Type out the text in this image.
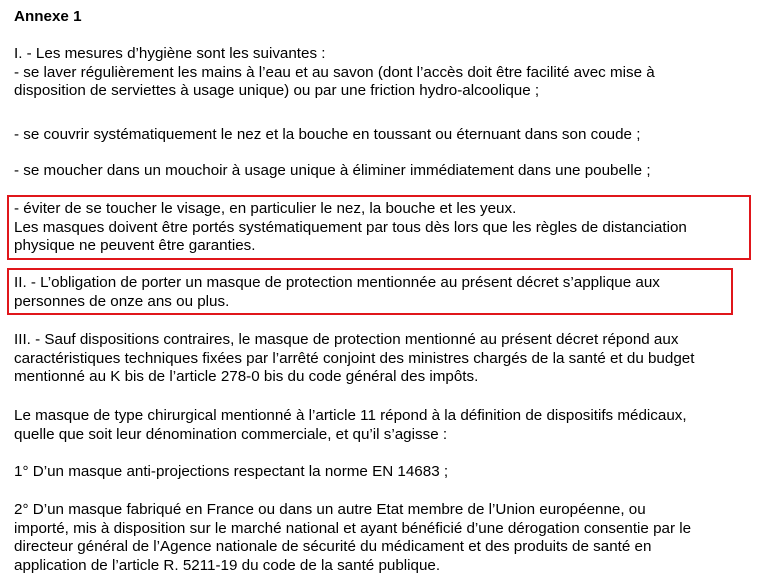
Annexe 1
I. - Les mesures d’hygiène sont les suivantes :
- se laver régulièrement les mains à l’eau et au savon (dont l’accès doit être facilité avec mise à
disposition de serviettes à usage unique) ou par une friction hydro-alcoolique ;
- se couvrir systématiquement le nez et la bouche en toussant ou éternuant dans son coude ;
- se moucher dans un mouchoir à usage unique à éliminer immédiatement dans une poubelle ;
- éviter de se toucher le visage, en particulier le nez, la bouche et les yeux.
Les masques doivent être portés systématiquement par tous dès lors que les règles de distanciation
physique ne peuvent être garanties.
II. - L’obligation de porter un masque de protection mentionnée au présent décret s’applique aux
personnes de onze ans ou plus.
III. - Sauf dispositions contraires, le masque de protection mentionné au présent décret répond aux
caractéristiques techniques fixées par l’arrêté conjoint des ministres chargés de la santé et du budget
mentionné au K bis de l’article 278-0 bis du code général des impôts.
Le masque de type chirurgical mentionné à l’article 11 répond à la définition de dispositifs médicaux,
quelle que soit leur dénomination commerciale, et qu’il s’agisse :
1° D’un masque anti-projections respectant la norme EN 14683 ;
2° D’un masque fabriqué en France ou dans un autre Etat membre de l’Union européenne, ou
importé, mis à disposition sur le marché national et ayant bénéficié d’une dérogation consentie par le
directeur général de l’Agence nationale de sécurité du médicament et des produits de santé en
application de l’article R. 5211-19 du code de la santé publique.
